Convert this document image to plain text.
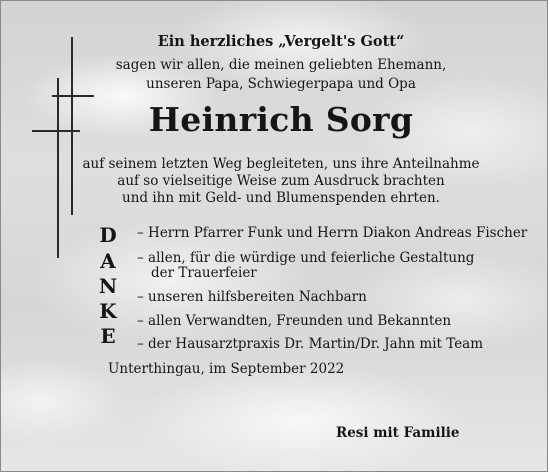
Ein herzliches „Vergelt's Gott“
sagen wir allen, die meinen geliebten Ehemann,
unseren Papa, Schwiegerpapa und Opa
Heinrich Sorg
auf seinem letzten Weg begleiteten, uns ihre Anteilnahme
auf so vielseitige Weise zum Ausdruck brachten
und ihn mit Geld- und Blumenspenden ehrten.
D
A
N
K
E
– Herrn Pfarrer Funk und Herrn Diakon Andreas Fischer
– allen, für die würdige und feierliche Gestaltung
der Trauerfeier
– unseren hilfsbereiten Nachbarn
– allen Verwandten, Freunden und Bekannten
– der Hausarztpraxis Dr. Martin/Dr. Jahn mit Team
Unterthingau, im September 2022
Resi mit Familie
